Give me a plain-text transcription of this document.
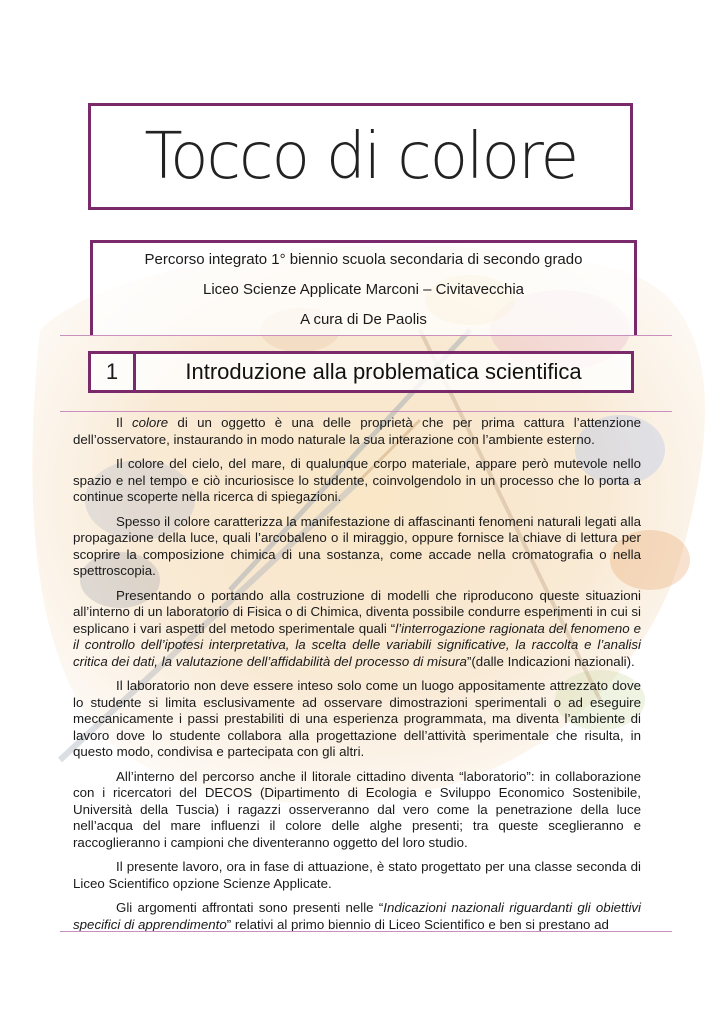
Tocco di colore
Percorso integrato 1° biennio scuola secondaria di secondo grado
Liceo Scienze Applicate Marconi – Civitavecchia
A cura di De Paolis
1	Introduzione alla problematica scientifica

Il colore di un oggetto è una delle proprietà che per prima cattura l’attenzione dell’osservatore, instaurando in modo naturale la sua interazione con l’ambiente esterno.

Il colore del cielo, del mare, di qualunque corpo materiale, appare però mutevole nello spazio e nel tempo e ciò incuriosisce lo studente, coinvolgendolo in un processo che lo porta a continue scoperte nella ricerca di spiegazioni.

Spesso il colore caratterizza la manifestazione di affascinanti fenomeni naturali legati alla propagazione della luce, quali l’arcobaleno o il miraggio, oppure fornisce la chiave di lettura per scoprire la composizione chimica di una sostanza, come accade nella cromatografia o nella spettroscopia.

Presentando o portando alla costruzione di modelli che riproducono queste situazioni all’interno di un laboratorio di Fisica o di Chimica, diventa possibile condurre esperimenti in cui si esplicano i vari aspetti del metodo sperimentale quali “l’interrogazione ragionata del fenomeno e il controllo dell’ipotesi interpretativa, la scelta delle variabili significative, la raccolta e l’analisi critica dei dati, la valutazione dell’affidabilità del processo di misura”(dalle Indicazioni nazionali).

Il laboratorio non deve essere inteso solo come un luogo appositamente attrezzato dove lo studente si limita esclusivamente ad osservare dimostrazioni sperimentali o ad eseguire meccanicamente i passi prestabiliti di una esperienza programmata, ma diventa l’ambiente di lavoro dove lo studente collabora alla progettazione dell’attività sperimentale che risulta, in questo modo, condivisa e partecipata con gli altri.

All’interno del percorso anche il litorale cittadino diventa “laboratorio”: in collaborazione con i ricercatori del DECOS (Dipartimento di Ecologia e Sviluppo Economico Sostenibile, Università della Tuscia) i ragazzi osserveranno dal vero come la penetrazione della luce nell’acqua del mare influenzi il colore delle alghe presenti; tra queste sceglieranno e raccoglieranno i campioni che diventeranno oggetto del loro studio.

Il presente lavoro, ora in fase di attuazione, è stato progettato per una classe seconda di Liceo Scientifico opzione Scienze Applicate.

Gli argomenti affrontati sono presenti nelle “Indicazioni nazionali riguardanti gli obiettivi specifici di apprendimento” relativi al primo biennio di Liceo Scientifico e ben si prestano ad
